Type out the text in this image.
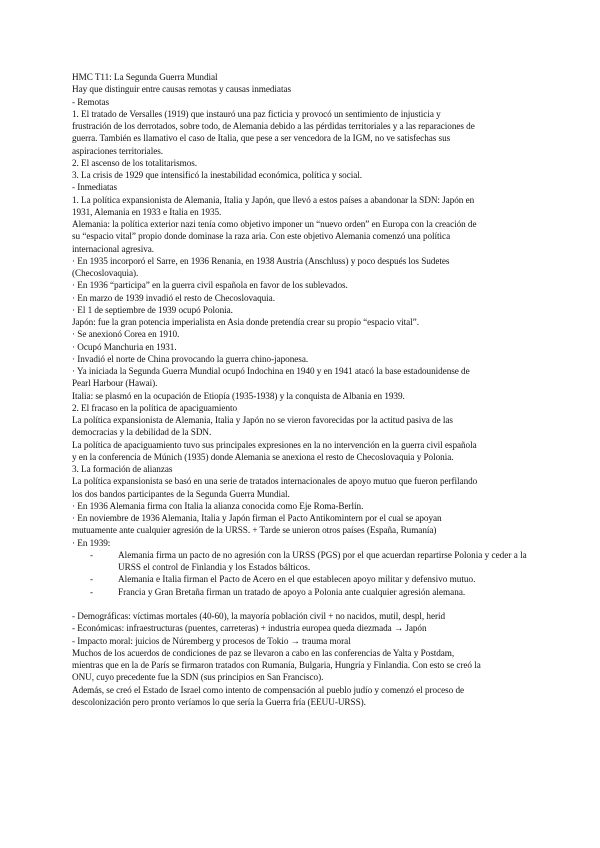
HMC T11: La Segunda Guerra Mundial
Hay que distinguir entre causas remotas y causas inmediatas
- Remotas
1. El tratado de Versalles (1919) que instauró una paz ficticia y provocó un sentimiento de injusticia y
frustración de los derrotados, sobre todo, de Alemania debido a las pérdidas territoriales y a las reparaciones de
guerra. También es llamativo el caso de Italia, que pese a ser vencedora de la IGM, no ve satisfechas sus
aspiraciones territoriales.
2. El ascenso de los totalitarismos.
3. La crisis de 1929 que intensificó la inestabilidad económica, política y social.
- Inmediatas
1. La política expansionista de Alemania, Italia y Japón, que llevó a estos países a abandonar la SDN: Japón en
1931, Alemania en 1933 e Italia en 1935.
Alemania: la política exterior nazi tenía como objetivo imponer un “nuevo orden” en Europa con la creación de
su “espacio vital” propio donde dominase la raza aria. Con este objetivo Alemania comenzó una política
internacional agresiva.
· En 1935 incorporó el Sarre, en 1936 Renania, en 1938 Austria (Anschluss) y poco después los Sudetes
(Checoslovaquia).
· En 1936 “participa” en la guerra civil española en favor de los sublevados.
· En marzo de 1939 invadió el resto de Checoslovaquia.
· El 1 de septiembre de 1939 ocupó Polonia.
Japón: fue la gran potencia imperialista en Asia donde pretendía crear su propio “espacio vital”.
· Se anexionó Corea en 1910.
· Ocupó Manchuria en 1931.
· Invadió el norte de China provocando la guerra chino-japonesa.
· Ya iniciada la Segunda Guerra Mundial ocupó Indochina en 1940 y en 1941 atacó la base estadounidense de
Pearl Harbour (Hawai).
Italia: se plasmó en la ocupación de Etiopía (1935-1938) y la conquista de Albania en 1939.
2. El fracaso en la política de apaciguamiento
La política expansionista de Alemania, Italia y Japón no se vieron favorecidas por la actitud pasiva de las
democracias y la debilidad de la SDN.
La política de apaciguamiento tuvo sus principales expresiones en la no intervención en la guerra civil española
y en la conferencia de Múnich (1935) donde Alemania se anexiona el resto de Checoslovaquia y Polonia.
3. La formación de alianzas
La política expansionista se basó en una serie de tratados internacionales de apoyo mutuo que fueron perfilando
los dos bandos participantes de la Segunda Guerra Mundial.
· En 1936 Alemania firma con Italia la alianza conocida como Eje Roma-Berlín.
· En noviembre de 1936 Alemania, Italia y Japón firman el Pacto Antikomintern por el cual se apoyan
mutuamente ante cualquier agresión de la URSS. + Tarde se unieron otros países (España, Rumanía)
· En 1939:
-	Alemania firma un pacto de no agresión con la URSS (PGS) por el que acuerdan repartirse Polonia y ceder a la URSS el control de Finlandia y los Estados bálticos.
-	Alemania e Italia firman el Pacto de Acero en el que establecen apoyo militar y defensivo mutuo.
-	Francia y Gran Bretaña firman un tratado de apoyo a Polonia ante cualquier agresión alemana.
- Demográficas: víctimas mortales (40-60), la mayoría población civil + no nacidos, mutil, despl, herid
- Económicas: infraestructuras (puentes, carreteras) + industria europea queda diezmada → Japón
- Impacto moral: juicios de Núremberg y procesos de Tokio → trauma moral
Muchos de los acuerdos de condiciones de paz se llevaron a cabo en las conferencias de Yalta y Postdam,
mientras que en la de París se firmaron tratados con Rumanía, Bulgaria, Hungría y Finlandia. Con esto se creó la
ONU, cuyo precedente fue la SDN (sus principios en San Francisco).
Además, se creó el Estado de Israel como intento de compensación al pueblo judío y comenzó el proceso de
descolonización pero pronto veríamos lo que sería la Guerra fría (EEUU-URSS).
